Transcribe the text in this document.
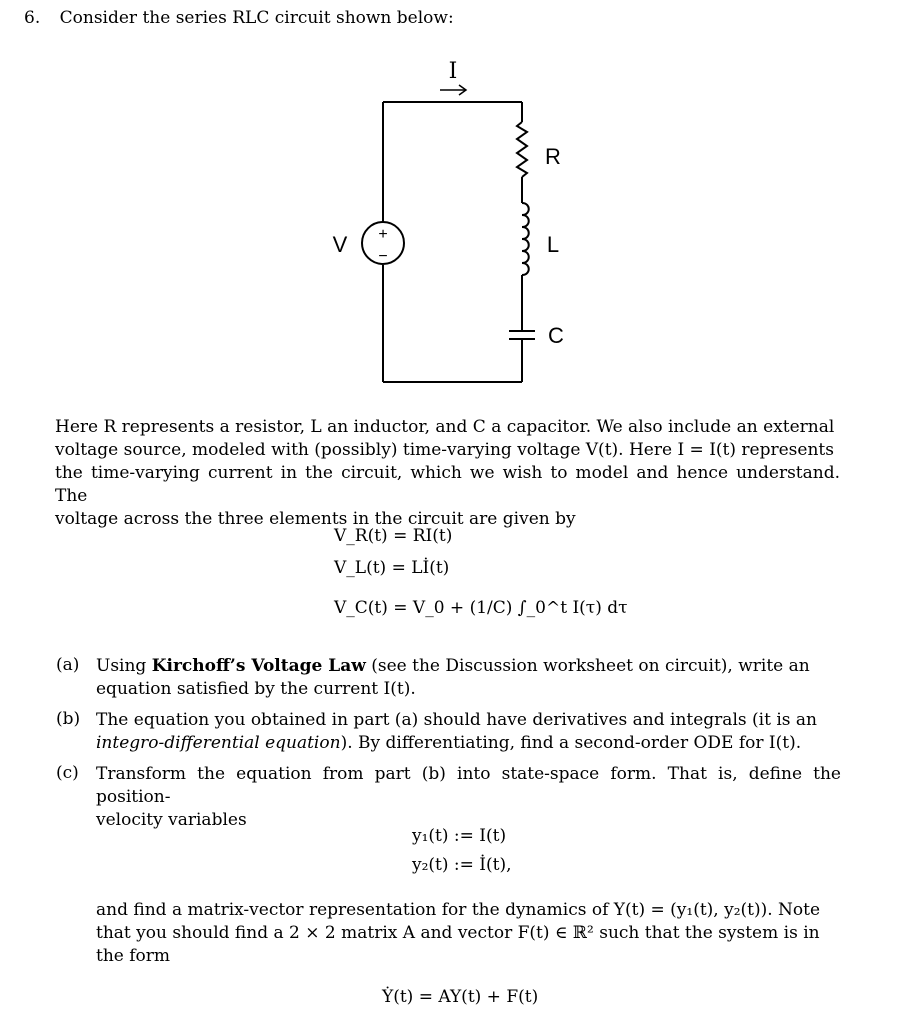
6. Consider the series RLC circuit shown below:
I
V +
−
R
L
C

Here R represents a resistor, L an inductor, and C a capacitor. We also include an external

voltage source, modeled with (possibly) time-varying voltage V(t). Here I = I(t) represents

the time-varying current in the circuit, which we wish to model and hence understand. The

voltage across the three elements in the circuit are given by

V_R(t) = RI(t)
V_L(t) = Lİ(t)
V_C(t) = V_0 + (1/C) ∫_0^t I(τ) dτ
(a) Using Kirchoff’s Voltage Law (see the Discussion worksheet on circuit), write an
equation satisfied by the current I(t).
(b) The equation you obtained in part (a) should have derivatives and integrals (it is an
integro-differential equation). By differentiating, find a second-order ODE for I(t).
(c) Transform the equation from part (b) into state-space form. That is, define the position-
velocity variables
y₁(t) := I(t)
y₂(t) := İ(t),

and find a matrix-vector representation for the dynamics of Y(t) = (y₁(t), y₂(t)). Note

that you should find a 2 × 2 matrix A and vector F(t) ∈ ℝ² such that the system is in

the form

Ẏ(t) = AY(t) + F(t)
